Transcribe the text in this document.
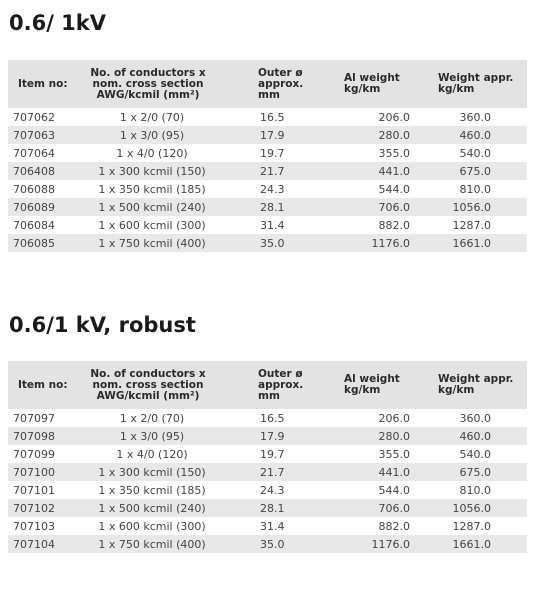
0.6/ 1kV
Item no:	No. of conductors x nom. cross section AWG/kcmil (mm²)	Outer ø approx. mm	Al weight kg/km	Weight appr. kg/km
707062	1 x 2/0 (70)	16.5	206.0	360.0
707063	1 x 3/0 (95)	17.9	280.0	460.0
707064	1 x 4/0 (120)	19.7	355.0	540.0
706408	1 x 300 kcmil (150)	21.7	441.0	675.0
706088	1 x 350 kcmil (185)	24.3	544.0	810.0
706089	1 x 500 kcmil (240)	28.1	706.0	1056.0
706084	1 x 600 kcmil (300)	31.4	882.0	1287.0
706085	1 x 750 kcmil (400)	35.0	1176.0	1661.0
0.6/1 kV, robust
Item no:	No. of conductors x nom. cross section AWG/kcmil (mm²)	Outer ø approx. mm	Al weight kg/km	Weight appr. kg/km
707097	1 x 2/0 (70)	16.5	206.0	360.0
707098	1 x 3/0 (95)	17.9	280.0	460.0
707099	1 x 4/0 (120)	19.7	355.0	540.0
707100	1 x 300 kcmil (150)	21.7	441.0	675.0
707101	1 x 350 kcmil (185)	24.3	544.0	810.0
707102	1 x 500 kcmil (240)	28.1	706.0	1056.0
707103	1 x 600 kcmil (300)	31.4	882.0	1287.0
707104	1 x 750 kcmil (400)	35.0	1176.0	1661.0
